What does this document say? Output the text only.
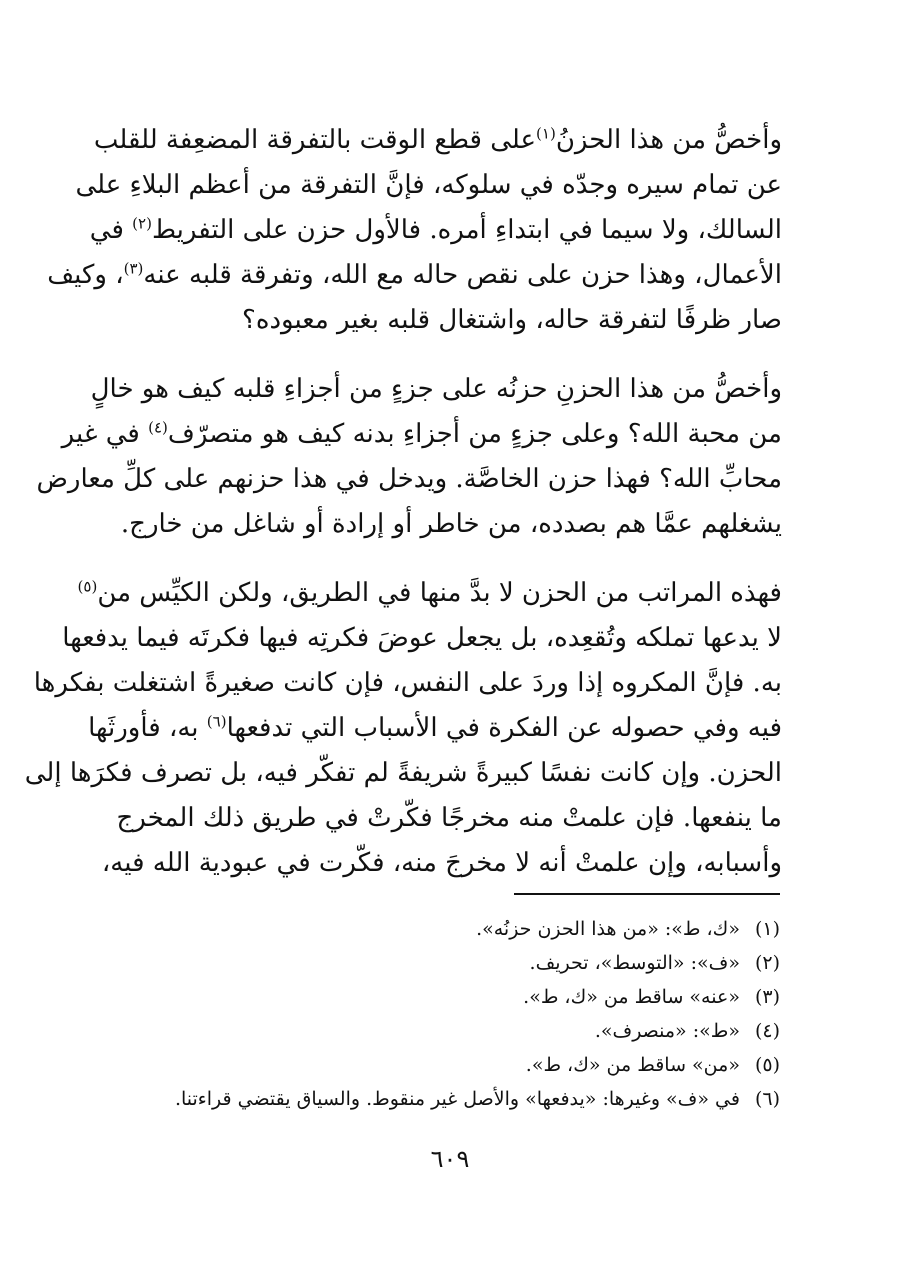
وأخصُّ من هذا الحزنُ$^{(١)}$على قطع الوقت بالتفرقة المضعِفة للقلب
عن تمام سيره وجدّه في سلوكه، فإنَّ التفرقة من أعظم البلاءِ على
السالك، ولا سيما في ابتداءِ أمره. فالأول حزن على التفريط$^{(٢)}$ في
الأعمال، وهذا حزن على نقص حاله مع الله، وتفرقة قلبه عنه$^{(٣)}$، وكيف
صار ظرفًا لتفرقة حاله، واشتغال قلبه بغير معبوده؟

وأخصُّ من هذا الحزنِ حزنُه على جزءٍ من أجزاءِ قلبه كيف هو خالٍ
من محبة الله؟ وعلى جزءٍ من أجزاءِ بدنه كيف هو متصرّف$^{(٤)}$ في غير
محابِّ الله؟ فهذا حزن الخاصَّة. ويدخل في هذا حزنهم على كلِّ معارض
يشغلهم عمَّا هم بصدده، من خاطر أو إرادة أو شاغل من خارج.

فهذه المراتب من الحزن لا بدَّ منها في الطريق، ولكن الكيِّس من$^{(٥)}$
لا يدعها تملكه وتُقعِده، بل يجعل عوضَ فكرتِه فيها فكرتَه فيما يدفعها
به. فإنَّ المكروه إذا وردَ على النفس، فإن كانت صغيرةً اشتغلت بفكرها
فيه وفي حصوله عن الفكرة في الأسباب التي تدفعها$^{(٦)}$ به، فأورثَها
الحزن. وإن كانت نفسًا كبيرةً شريفةً لم تفكّر فيه، بل تصرف فكرَها إلى
ما ينفعها. فإن علمتْ منه مخرجًا فكّرتْ في طريق ذلك المخرج
وأسبابه، وإن علمتْ أنه لا مخرجَ منه، فكّرت في عبودية الله فيه،

(١) «ك، ط»: «من هذا الحزن حزنُه».
(٢) «ف»: «التوسط»، تحريف.
(٣) «عنه» ساقط من «ك، ط».
(٤) «ط»: «منصرف».
(٥) «من» ساقط من «ك، ط».
(٦) في «ف» وغيرها: «يدفعها» والأصل غير منقوط. والسياق يقتضي قراءتنا.
٦٠٩
